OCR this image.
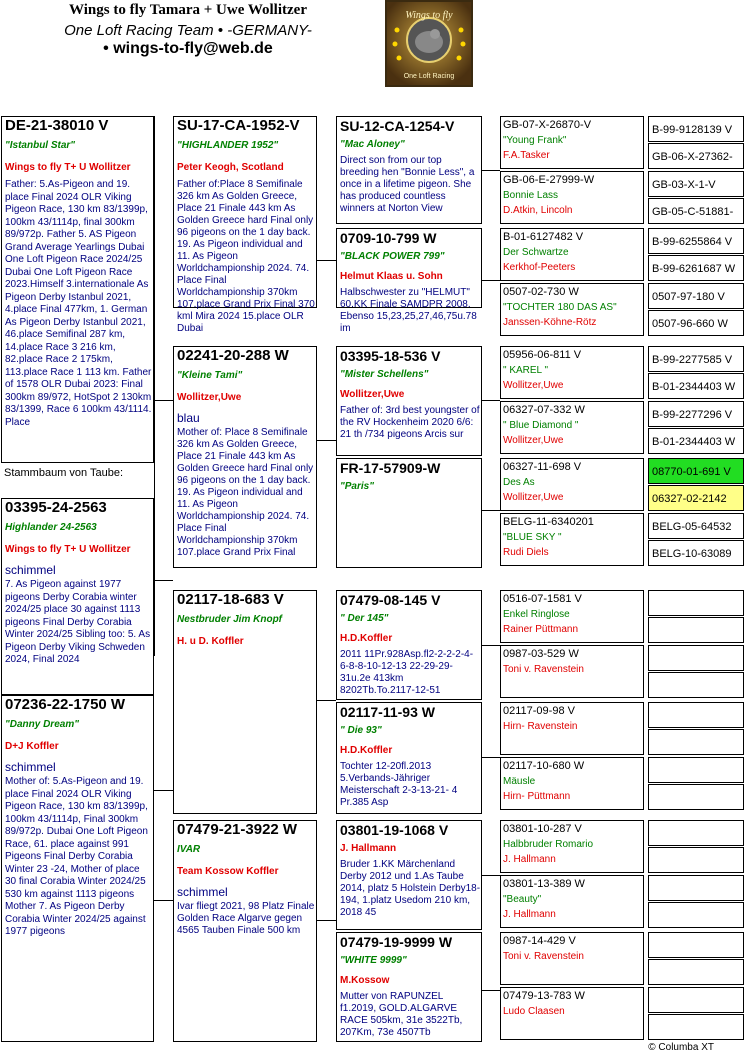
Wings to fly Tamara + Uwe Wollitzer
One Loft Racing Team • -GERMANY-
• wings-to-fly@web.de
Wings to fly
One Loft Racing
DE-21-38010 V
"Istanbul Star"
Wings to fly T+ U Wollitzer
Father: 5.As-Pigeon and 19. place Final 2024 OLR Viking Pigeon Race, 130 km 83/1399p, 100km 43/1114p, final 300km 89/972p. Father 5. AS Pigeon Grand Average Yearlings Dubai One Loft Pigeon Race 2024/25 Dubai One Loft Pigeon Race 2023.Himself 3.internationale As Pigeon Derby Istanbul 2021, 4.place Final 477km, 1. German As Pigeon Derby Istanbul 2021, 46.place Semifinal 287 km, 14.place Race 3 216 km, 82.place Race 2 175km, 113.place Race 1 113 km. Father of 1578 OLR Dubai 2023: Final 300km 89/972, HotSpot 2 130km 83/1399, Race 6 100km 43/1114. Place
Stammbaum von Taube:
03395-24-2563
Highlander 24-2563
Wings to fly T+ U Wollitzer
schimmel
7. As Pigeon against 1977 pigeons Derby Corabia winter 2024/25 place 30 against 1113 pigeons Final Derby Corabia Winter 2024/25 Sibling too: 5. As Pigeon Derby Viking Schweden 2024, Final 2024
07236-22-1750 W
"Danny Dream"
D+J Koffler
schimmel
Mother of: 5.As-Pigeon and 19. place Final 2024 OLR Viking Pigeon Race, 130 km 83/1399p, 100km 43/1114p, Final 300km 89/972p. Dubai One Loft Pigeon Race, 61. place against 991 Pigeons Final Derby Corabia Winter 23 -24, Mother of place 30 final Corabia Winter 2024/25 530 km against 1113 pigeons Mother 7. As Pigeon Derby Corabia Winter 2024/25 against 1977 pigeons
SU-17-CA-1952-V
"HIGHLANDER 1952"
Peter Keogh, Scotland
Father of:Place 8 Semifinale 326 km As Golden Greece, Place 21 Finale 443 km As Golden Greece hard Final only 96 pigeons on the 1 day back. 19. As Pigeon individual and 11. As Pigeon Worldchampionship 2024. 74. Place Final Worldchampionship 370km 107.place Grand Prix Final 370 kml Mira 2024 15.place OLR Dubai
02241-20-288 W
"Kleine Tami"
Wollitzer,Uwe
blau
Mother of: Place 8 Semifinale 326 km As Golden Greece, Place 21 Finale 443 km As Golden Greece hard Final only 96 pigeons on the 1 day back. 19. As Pigeon individual and 11. As Pigeon Worldchampionship 2024. 74. Place Final Worldchampionship 370km 107.place Grand Prix Final
02117-18-683 V
Nestbruder Jim Knopf
H. u D. Koffler
07479-21-3922 W
IVAR
Team Kossow Koffler
schimmel
Ivar fliegt 2021, 98 Platz Finale Golden Race Algarve gegen 4565 Tauben Finale 500 km
SU-12-CA-1254-V
"Mac Aloney"
Direct son from our top breeding hen "Bonnie Less", a once in a lifetime pigeon. She has produced countless winners at Norton View
0709-10-799 W
"BLACK POWER 799"
Helmut Klaas u. Sohn
Halbschwester zu "HELMUT" 60.KK Finale SAMDPR 2008. Ebenso 15,23,25,27,46,75u.78 im
03395-18-536 V
"Mister Schellens"
Wollitzer,Uwe
Father of: 3rd best youngster of the RV Hockenheim 2020 6/6: 21 th /734 pigeons Arcis sur
FR-17-57909-W
"Paris"
07479-08-145 V
" Der 145"
H.D.Koffler
2011 11Pr.928Asp.fl2-2-2-2-4-6-8-8-10-12-13 22-29-29-31u.2e 413km 8202Tb.To.2117-12-51
02117-11-93 W
" Die 93"
H.D.Koffler
Tochter 12-20fl.2013 5.Verbands-Jähriger Meisterschaft 2-3-13-21- 4 Pr.385 Asp
03801-19-1068 V
J. Hallmann
Bruder 1.KK Märchenland Derby 2012 und 1.As Taube 2014, platz 5 Holstein Derby18-194, 1.platz Usedom 210 km, 2018 45
07479-19-9999 W
"WHITE 9999"
M.Kossow
Mutter von RAPUNZEL f1.2019, GOLD.ALGARVE RACE 505km, 31e 3522Tb, 207Km, 73e 4507Tb
GB-07-X-26870-V
"Young Frank"
F.A.Tasker
GB-06-E-27999-W
Bonnie Lass
D.Atkin, Lincoln
B-01-6127482 V
Der Schwartze
Kerkhof-Peeters
0507-02-730 W
"TOCHTER 180 DAS AS"
Janssen-Köhne-Rötz
05956-06-811 V
" KAREL "
Wollitzer,Uwe
06327-07-332 W
" Blue Diamond "
Wollitzer,Uwe
06327-11-698 V
Des As
Wollitzer,Uwe
BELG-11-6340201
"BLUE SKY "
Rudi Diels
0516-07-1581 V
Enkel Ringlose
Rainer Püttmann
0987-03-529 W
Toni v. Ravenstein
02117-09-98 V
Hirn- Ravenstein
02117-10-680 W
Mäusle
Hirn- Püttmann
03801-10-287 V
Halbbruder Romario
J. Hallmann
03801-13-389 W
"Beauty"
J. Hallmann
0987-14-429 V
Toni v. Ravenstein
07479-13-783 W
Ludo Claasen
B-99-9128139 V
GB-06-X-27362-
GB-03-X-1-V
GB-05-C-51881-
B-99-6255864 V
B-99-6261687 W
0507-97-180 V
0507-96-660 W
B-99-2277585 V
B-01-2344403 W
B-99-2277296 V
B-01-2344403 W
08770-01-691 V
06327-02-2142
BELG-05-64532
BELG-10-63089
© Columba XT
